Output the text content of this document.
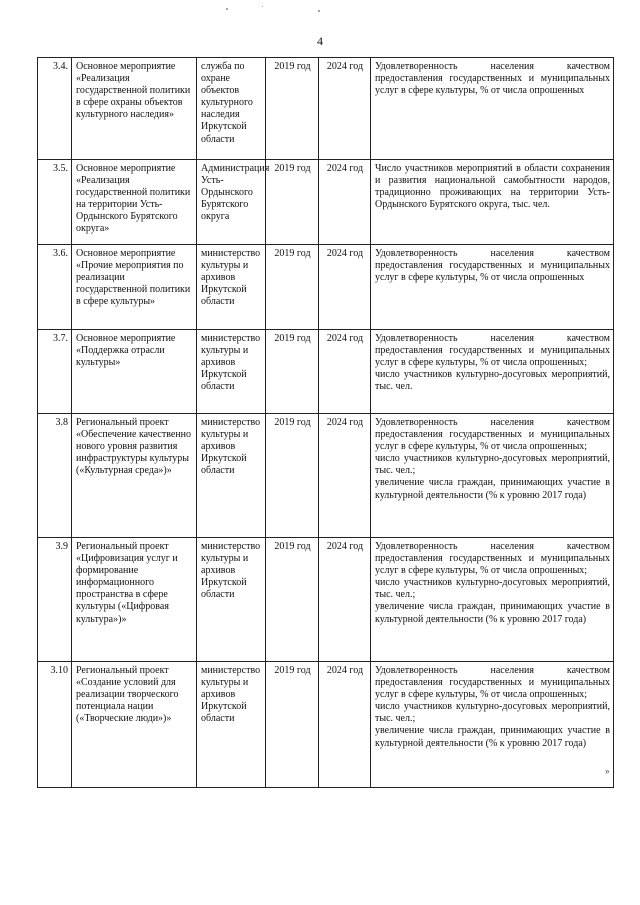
4
3.4.	Основное мероприятие «Реализация государственной политики в сфере охраны объектов культурного наследия»	служба по охране объектов культурного наследия Иркутской области	2019 год	2024 год	Удовлетворенность населения качеством предоставления государственных и муниципальных услуг в сфере культуры, % от числа опрошенных

3.5.	Основное мероприятие «Реализация государственной политики на территории Усть-Ордынского Бурятского округа»	Администрация Усть-Ордынского Бурятского округа	2019 год	2024 год	Число участников мероприятий в области сохранения и развития национальной самобытности народов, традиционно проживающих на территории Усть-Ордынского Бурятского округа, тыс. чел.

3.6.	Основное мероприятие «Прочие мероприятия по реализации государственной политики в сфере культуры»	министерство культуры и архивов Иркутской области	2019 год	2024 год	Удовлетворенность населения качеством предоставления государственных и муниципальных услуг в сфере культуры, % от числа опрошенных

3.7.	Основное мероприятие «Поддержка отрасли культуры»	министерство культуры и архивов Иркутской области	2019 год	2024 год	Удовлетворенность населения качеством предоставления государственных и муниципальных услуг в сфере культуры, % от числа опрошенных;
число участников культурно-досуговых мероприятий, тыс. чел.

3.8	Региональный проект «Обеспечение качественно нового уровня развития инфраструктуры культуры («Культурная среда»)»	министерство культуры и архивов Иркутской области	2019 год	2024 год	Удовлетворенность населения качеством предоставления государственных и муниципальных услуг в сфере культуры, % от числа опрошенных;
число участников культурно-досуговых мероприятий, тыс. чел.;
увеличение числа граждан, принимающих участие в культурной деятельности (% к уровню 2017 года)

3.9	Региональный проект «Цифровизация услуг и формирование информационного пространства в сфере культуры («Цифровая культура»)»	министерство культуры и архивов Иркутской области	2019 год	2024 год	Удовлетворенность населения качеством предоставления государственных и муниципальных услуг в сфере культуры, % от числа опрошенных;
число участников культурно-досуговых мероприятий, тыс. чел.;
увеличение числа граждан, принимающих участие в культурной деятельности (% к уровню 2017 года)

3.10	Региональный проект «Создание условий для реализации творческого потенциала нации («Творческие люди»)»	министерство культуры и архивов Иркутской области	2019 год	2024 год	Удовлетворенность населения качеством предоставления государственных и муниципальных услуг в сфере культуры, % от числа опрошенных;
число участников культурно-досуговых мероприятий, тыс. чел.;
увеличение числа граждан, принимающих участие в культурной деятельности (% к уровню 2017 года)
»
